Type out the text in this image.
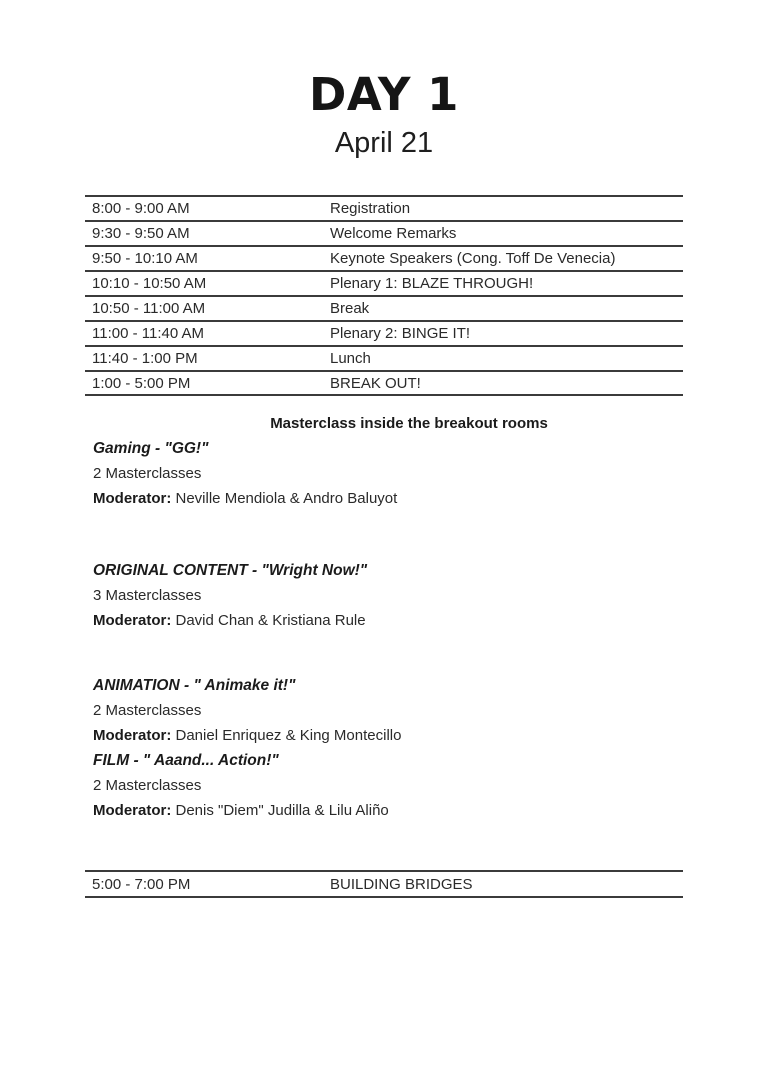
DAY 1
April 21
8:00 - 9:00 AM	Registration
9:30 - 9:50 AM	Welcome Remarks
9:50 - 10:10 AM	Keynote Speakers (Cong. Toff De Venecia)
10:10 - 10:50 AM	Plenary 1: BLAZE THROUGH!
10:50 - 11:00 AM	Break
11:00 - 11:40 AM	Plenary 2: BINGE IT!
11:40 - 1:00 PM	Lunch
1:00 - 5:00 PM	BREAK OUT!
Masterclass inside the breakout rooms
Gaming - "GG!"
2 Masterclasses
Moderator: Neville Mendiola & Andro Baluyot
ORIGINAL CONTENT - "Wright Now!"
3 Masterclasses
Moderator: David Chan & Kristiana Rule
ANIMATION - " Animake it!"
2 Masterclasses
Moderator: Daniel Enriquez & King Montecillo
FILM - " Aaand... Action!"
2 Masterclasses
Moderator: Denis "Diem" Judilla & Lilu Aliño
5:00 - 7:00 PM	BUILDING BRIDGES
